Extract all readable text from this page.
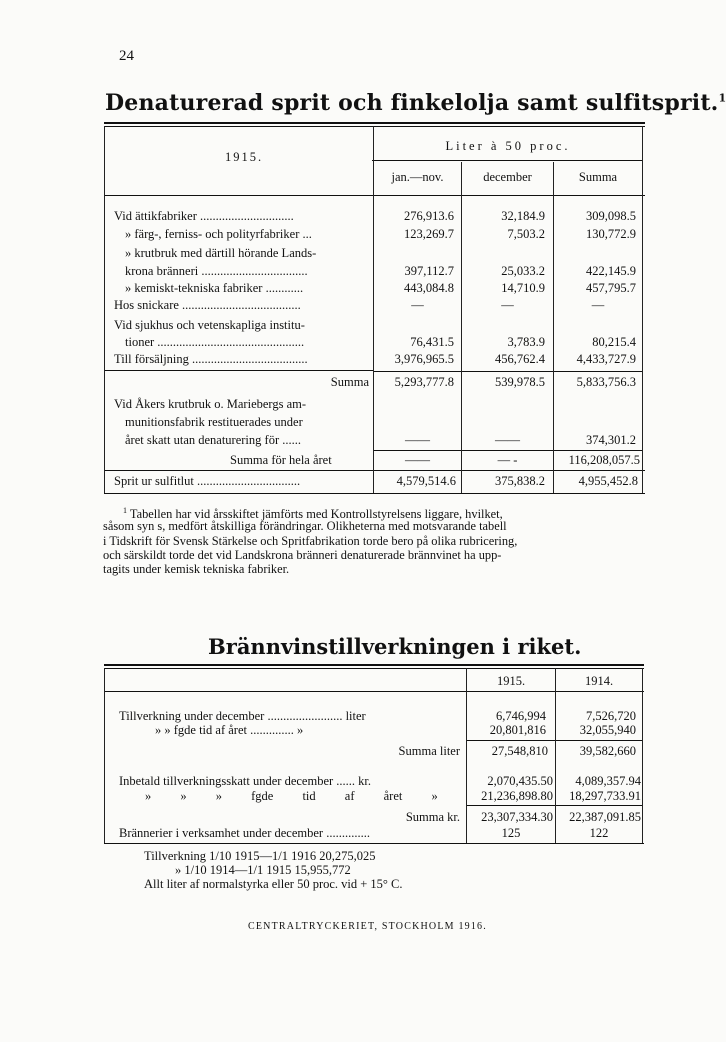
24
Denaturerad sprit och finkelolja samt sulfitsprit.$^1$
1915.
Liter à 50 proc.
jan.—nov.	december	Summa
Vid ättikfabriker ..............................	276,913.6	32,184.9	309,098.5
» färg-, ferniss- och polityrfabriker ...	123,269.7	7,503.2	130,772.9
» krutbruk med därtill hörande Lands-
krona bränneri ..................................	397,112.7	25,033.2	422,145.9
» kemiskt-tekniska fabriker ............	443,084.8	14,710.9	457,795.7
Hos snickare ......................................	—	—	—
Vid sjukhus och vetenskapliga institu-
tioner ...............................................	76,431.5	3,783.9	80,215.4
Till försäljning .....................................	3,976,965.5	456,762.4	4,433,727.9
Summa	5,293,777.8	539,978.5	5,833,756.3
Vid Åkers krutbruk o. Mariebergs am-
munitionsfabrik restituerades under
året skatt utan denaturering för ......	——	——	374,301.2
Summa för hela året	——	— -	116,208,057.5
Sprit ur sulfitlut .................................	4,579,514.6	375,838.2	4,955,452.8
$^1$ Tabellen har vid årsskiftet jämförts med Kontrollstyrelsens liggare, hvilket,
såsom syn s, medfört åtskilliga förändringar. Olikheterna med motsvarande tabell
i Tidskrift för Svensk Stärkelse och Spritfabrikation torde bero på olika rubricering,
och särskildt torde det vid Landskrona bränneri denaturerade brännvinet ha upp-
tagits under kemisk tekniska fabriker.
Brännvinstillverkningen i riket.
1915.	1914.
Tillverkning under december ........................ liter	6,746,994	7,526,720
» » fgde tid af året .............. »	20,801,816	32,055,940
Summa liter	27,548,810	39,582,660
Inbetald tillverkningsskatt under december ...... kr.	2,070,435.50	4,089,357.94
» » » fgde tid af året »	21,236,898.80	18,297,733.91
Summa kr.	23,307,334.30	22,387,091.85
Brännerier i verksamhet under december ..............	125	122
Tillverkning 1/10 1915—1/1 1916 20,275,025
» 1/10 1914—1/1 1915 15,955,772
Allt liter af normalstyrka eller 50 proc. vid + 15° C.
CENTRALTRYCKERIET, STOCKHOLM 1916.
